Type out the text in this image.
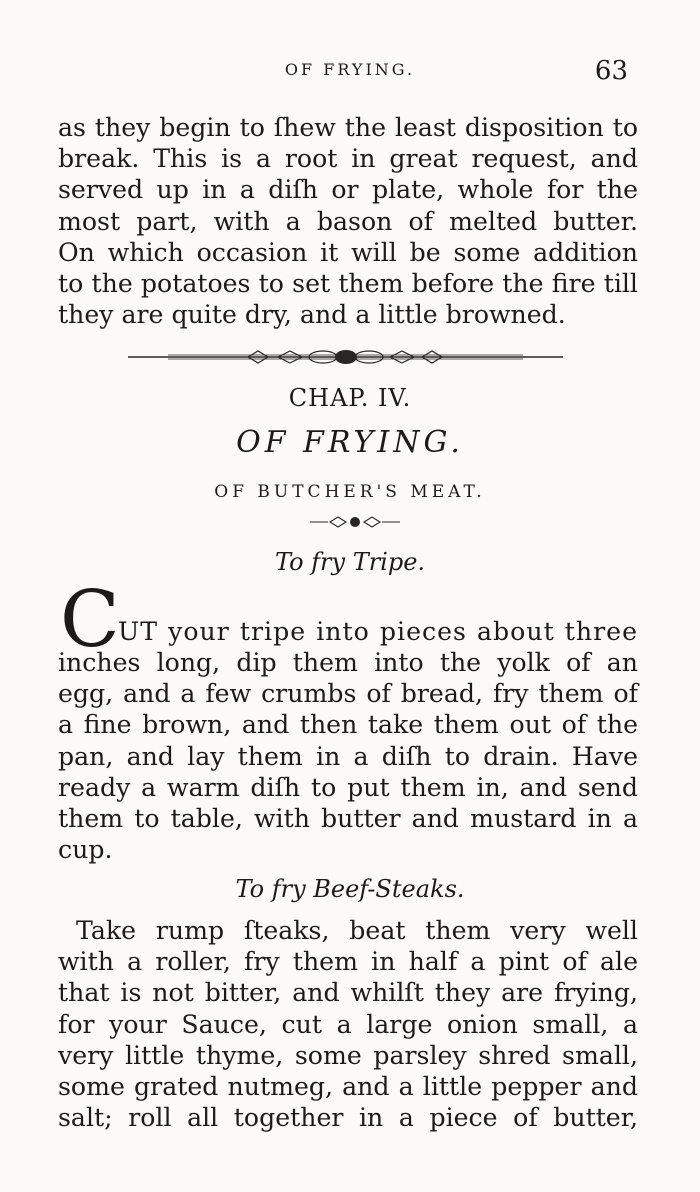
OF FRYING.	63
as they begin to ſhew the least disposition to
break. This is a root in great request, and
served up in a diſh or plate, whole for the
most part, with a bason of melted butter.
On which occasion it will be some addition
to the potatoes to set them before the fire till
they are quite dry, and a little browned.
CHAP. IV.
OF FRYING.
OF BUTCHER'S MEAT.
To fry Tripe.
C
UT your tripe into pieces about three
inches long, dip them into the yolk of an
egg, and a few crumbs of bread, fry them of
a fine brown, and then take them out of the
pan, and lay them in a diſh to drain. Have
ready a warm diſh to put them in, and send
them to table, with butter and mustard in a
cup.
To fry Beef-Steaks.
Take rump ſteaks, beat them very well
with a roller, fry them in half a pint of ale
that is not bitter, and whilſt they are frying,
for your Sauce, cut a large onion small, a
very little thyme, some parsley shred small,
some grated nutmeg, and a little pepper and
salt; roll all together in a piece of butter,
